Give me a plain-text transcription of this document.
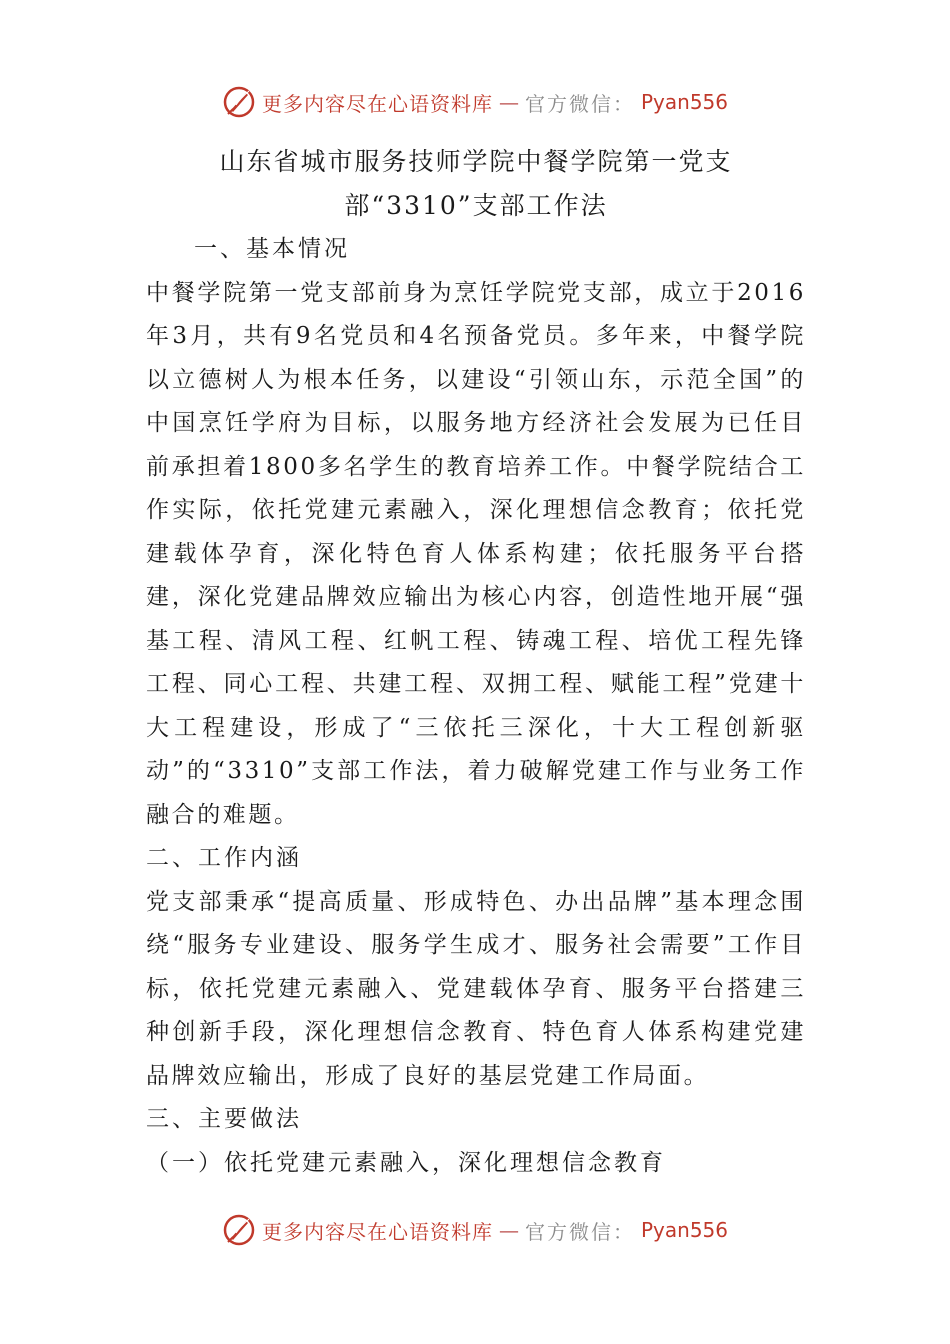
更多内容尽在心语资料库 — 官方微信： Pyan556
山东省城市服务技师学院中餐学院第一党支部“3310”支部工作法

一、基本情况

中餐学院第一党支部前身为烹饪学院党支部，成立于2016年3月，共有9名党员和4名预备党员。多年来，中餐学院以立德树人为根本任务，以建设“引领山东，示范全国”的中国烹饪学府为目标，以服务地方经济社会发展为已任目前承担着1800多名学生的教育培养工作。中餐学院结合工作实际，依托党建元素融入，深化理想信念教育；依托党建载体孕育，深化特色育人体系构建；依托服务平台搭建，深化党建品牌效应输出为核心内容，创造性地开展“强基工程、清风工程、红帆工程、铸魂工程、培优工程先锋工程、同心工程、共建工程、双拥工程、赋能工程”党建十大工程建设，形成了“三依托三深化，十大工程创新驱动”的“3310”支部工作法，着力破解党建工作与业务工作融合的难题。

二、工作内涵

党支部秉承“提高质量、形成特色、办出品牌”基本理念围绕“服务专业建设、服务学生成才、服务社会需要”工作目标，依托党建元素融入、党建载体孕育、服务平台搭建三种创新手段，深化理想信念教育、特色育人体系构建党建品牌效应输出，形成了良好的基层党建工作局面。

三、主要做法

（一）依托党建元素融入，深化理想信念教育

更多内容尽在心语资料库 — 官方微信： Pyan556
